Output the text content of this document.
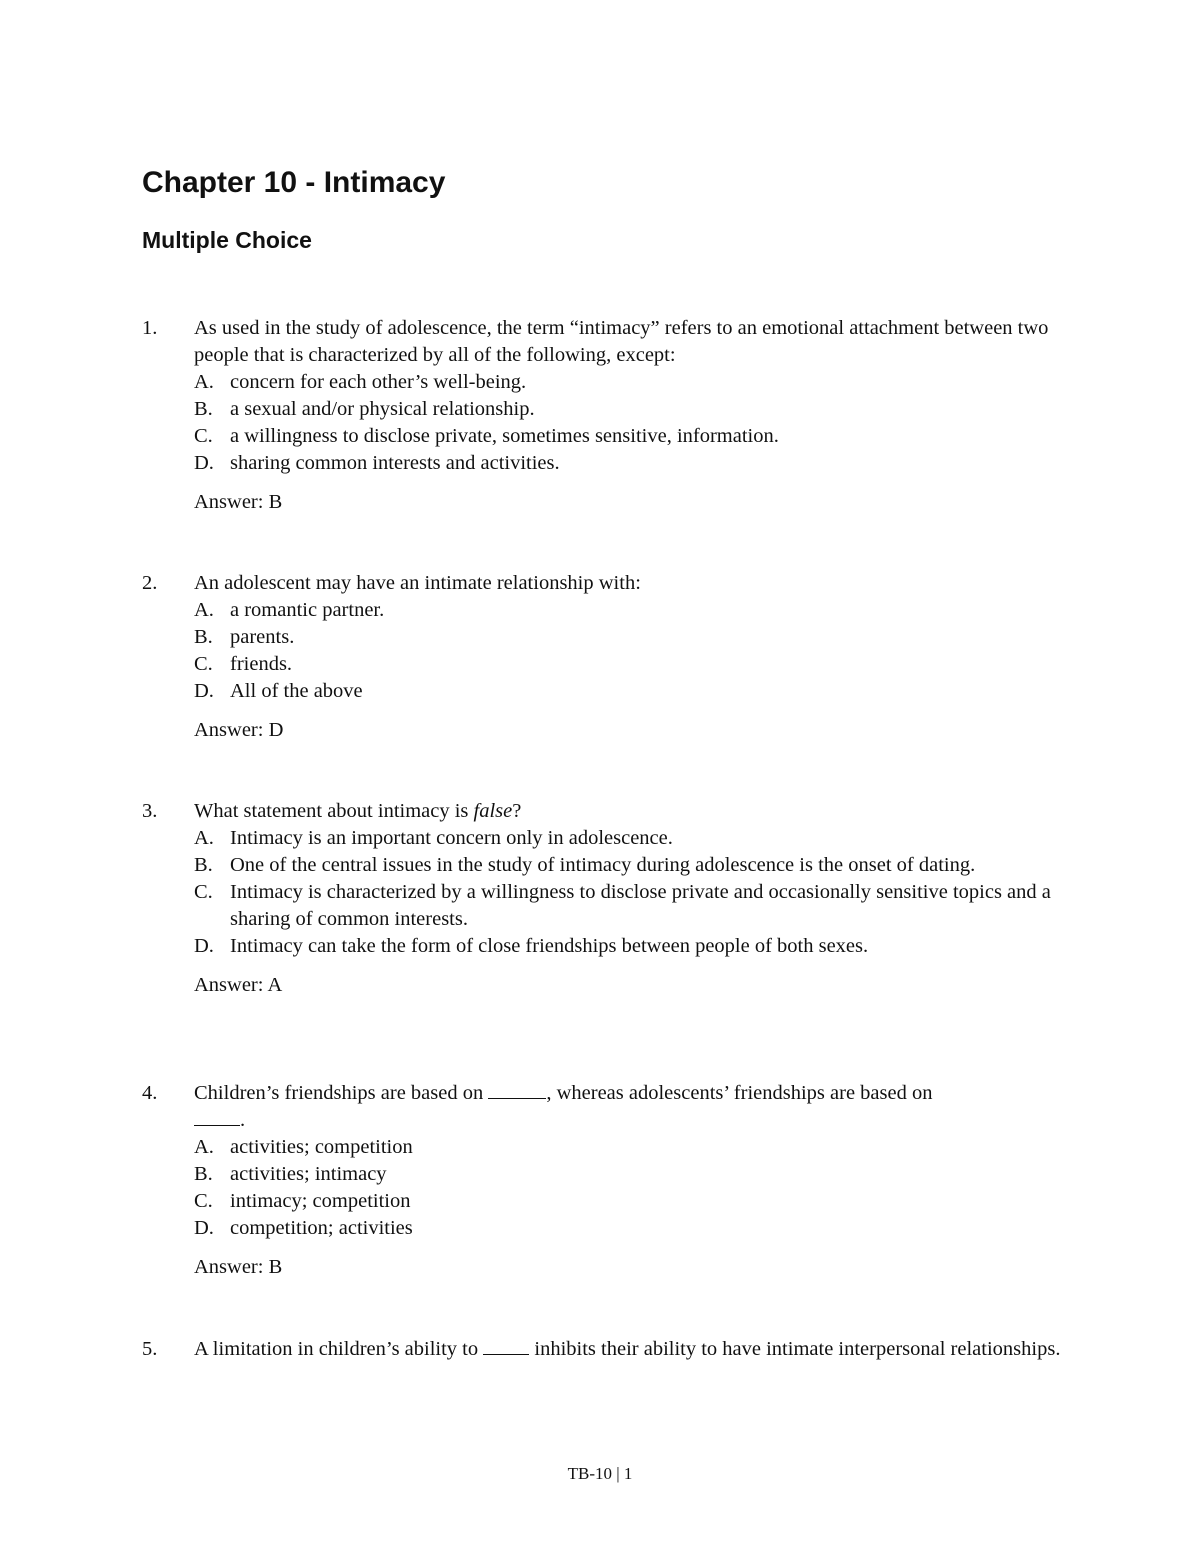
Chapter 10 - Intimacy
Multiple Choice
1. As used in the study of adolescence, the term “intimacy” refers to an emotional attachment between two people that is characterized by all of the following, except:
A. concern for each other’s well-being.
B. a sexual and/or physical relationship.
C. a willingness to disclose private, sometimes sensitive, information.
D. sharing common interests and activities.
Answer: B
2. An adolescent may have an intimate relationship with:
A. a romantic partner.
B. parents.
C. friends.
D. All of the above
Answer: D
3. What statement about intimacy is false?
A. Intimacy is an important concern only in adolescence.
B. One of the central issues in the study of intimacy during adolescence is the onset of dating.
C. Intimacy is characterized by a willingness to disclose private and occasionally sensitive topics and a sharing of common interests.
D. Intimacy can take the form of close friendships between people of both sexes.
Answer: A
4. Children’s friendships are based on	, whereas adolescents’ friendships are based on
.
A. activities; competition
B. activities; intimacy
C. intimacy; competition
D. competition; activities
Answer: B
5. A limitation in children’s ability to  inhibits their ability to have intimate interpersonal relationships.
TB-10 | 1
